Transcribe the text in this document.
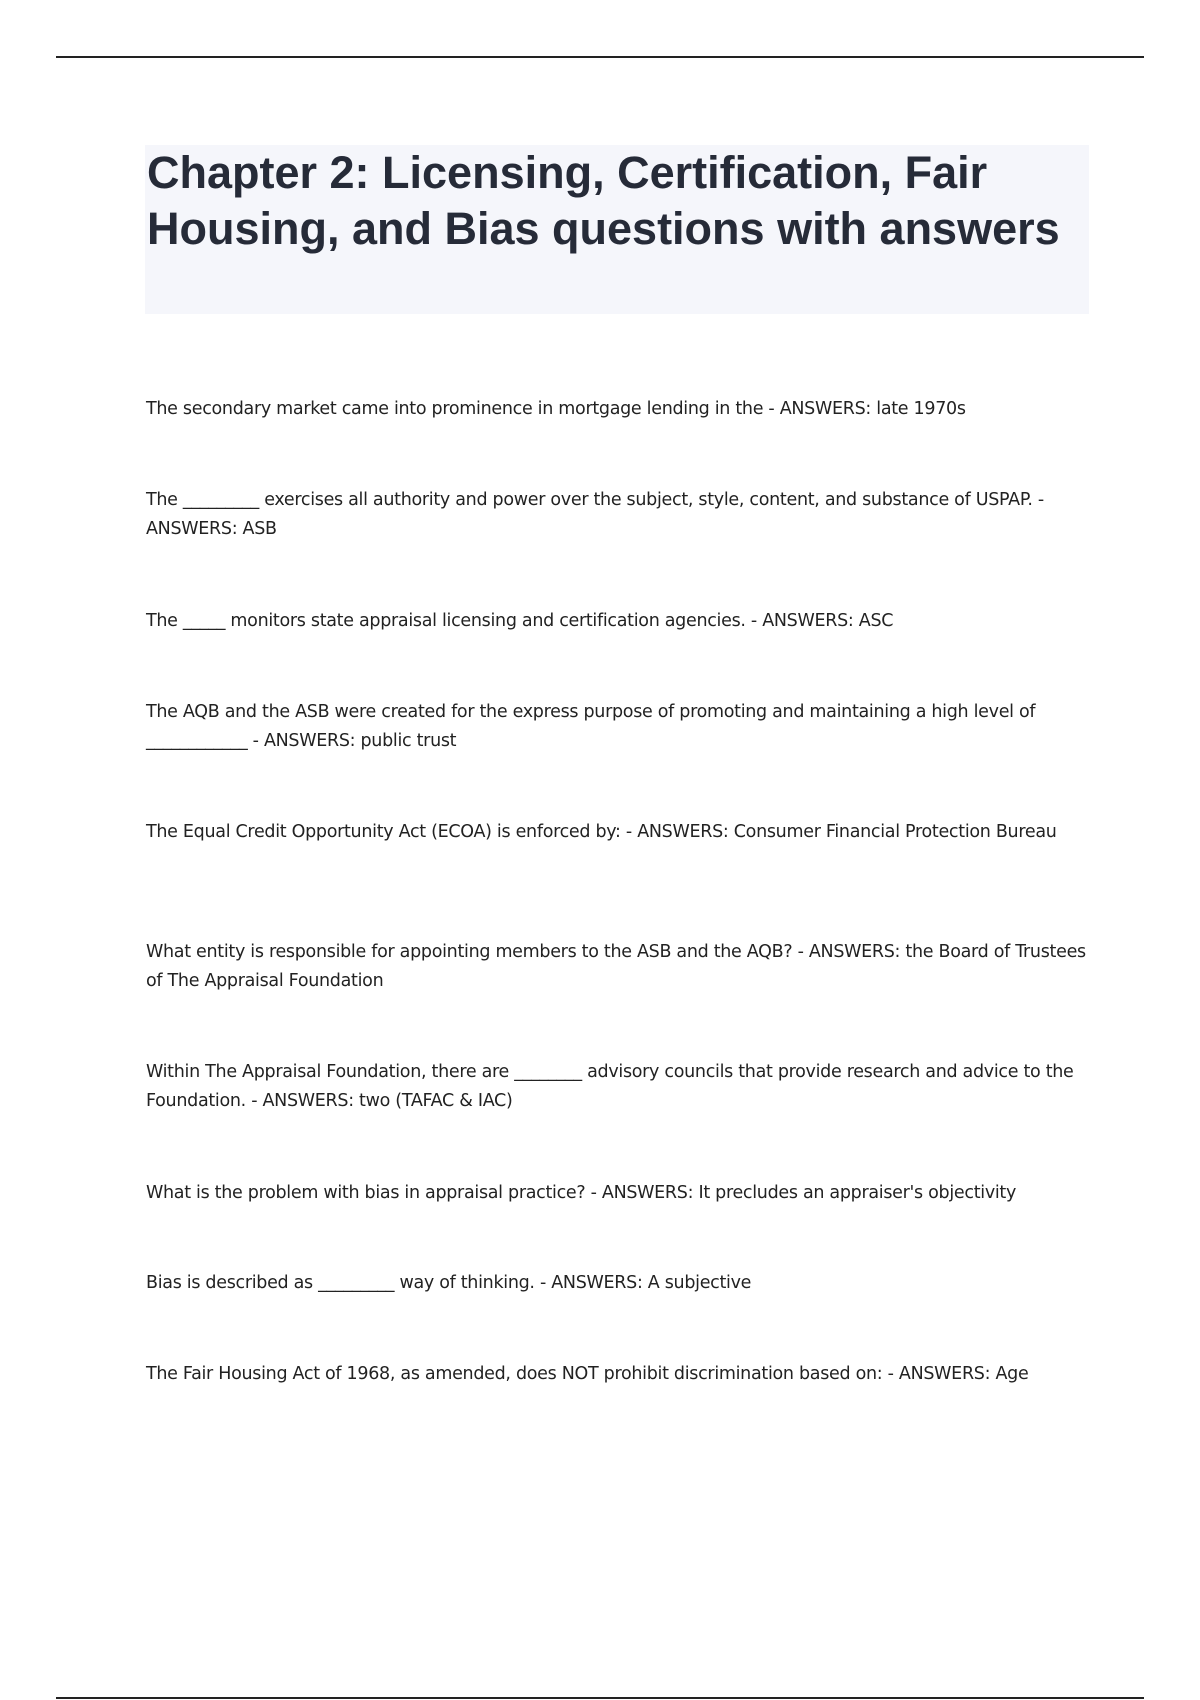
Chapter 2: Licensing, Certification, Fair Housing, and Bias questions with answers
The secondary market came into prominence in mortgage lending in the - ANSWERS: late 1970s
The _________ exercises all authority and power over the subject, style, content, and substance of USPAP. - ANSWERS: ASB
The _____ monitors state appraisal licensing and certification agencies. - ANSWERS: ASC
The AQB and the ASB were created for the express purpose of promoting and maintaining a high level of ____________ - ANSWERS: public trust
The Equal Credit Opportunity Act (ECOA) is enforced by: - ANSWERS: Consumer Financial Protection Bureau
What entity is responsible for appointing members to the ASB and the AQB? - ANSWERS: the Board of Trustees of The Appraisal Foundation
Within The Appraisal Foundation, there are ________ advisory councils that provide research and advice to the Foundation. - ANSWERS: two (TAFAC & IAC)
What is the problem with bias in appraisal practice? - ANSWERS: It precludes an appraiser's objectivity
Bias is described as _________ way of thinking. - ANSWERS: A subjective
The Fair Housing Act of 1968, as amended, does NOT prohibit discrimination based on: - ANSWERS: Age
